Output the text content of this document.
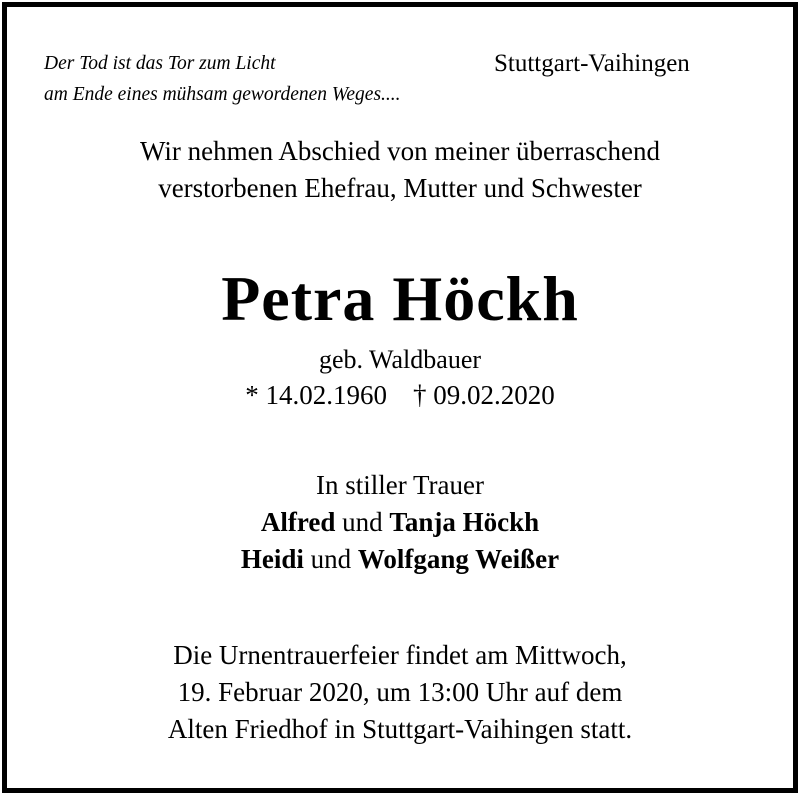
Der Tod ist das Tor zum Licht
am Ende eines mühsam gewordenen Weges....
Stuttgart-Vaihingen
Wir nehmen Abschied von meiner überraschend
verstorbenen Ehefrau, Mutter und Schwester
Petra Höckh
geb. Waldbauer
* 14.02.1960 † 09.02.2020
In stiller Trauer
Alfred und Tanja Höckh
Heidi und Wolfgang Weißer
Die Urnentrauerfeier findet am Mittwoch,
19. Februar 2020, um 13:00 Uhr auf dem
Alten Friedhof in Stuttgart-Vaihingen statt.
